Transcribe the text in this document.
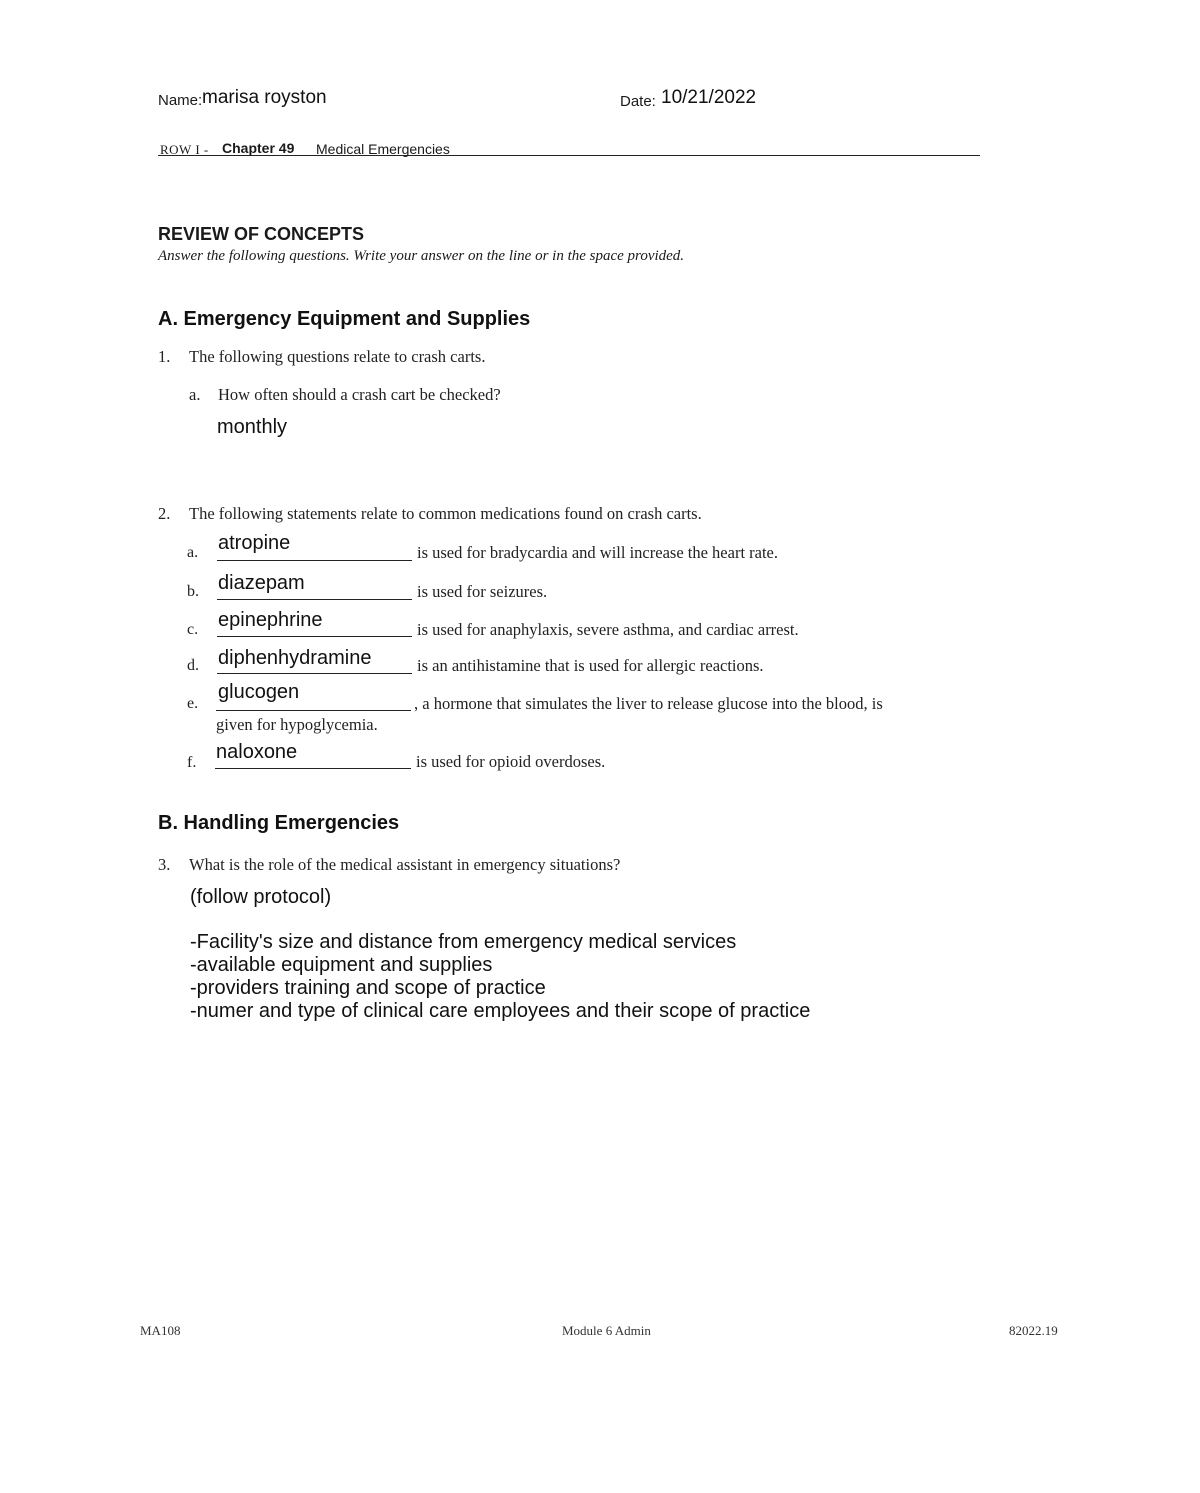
Name: marisa royston	Date: 10/21/2022
ROW I - Chapter 49 Medical Emergencies
REVIEW OF CONCEPTS
Answer the following questions. Write your answer on the line or in the space provided.
A. Emergency Equipment and Supplies
1. The following questions relate to crash carts.
a. How often should a crash cart be checked?
monthly
2. The following statements relate to common medications found on crash carts.
a. atropine	is used for bradycardia and will increase the heart rate.
b. diazepam	is used for seizures.
c. epinephrine	is used for anaphylaxis, severe asthma, and cardiac arrest.
d. diphenhydramine	is an antihistamine that is used for allergic reactions.
e.
glucogen
, a hormone that simulates the liver to release glucose into the blood, is
given for hypoglycemia.
f. naloxone	is used for opioid overdoses.
B. Handling Emergencies
3. What is the role of the medical assistant in emergency situations?
(follow protocol)
-Facility's size and distance from emergency medical services
-available equipment and supplies
-providers training and scope of practice
-numer and type of clinical care employees and their scope of practice
MA108	Module 6 Admin	82022.19
